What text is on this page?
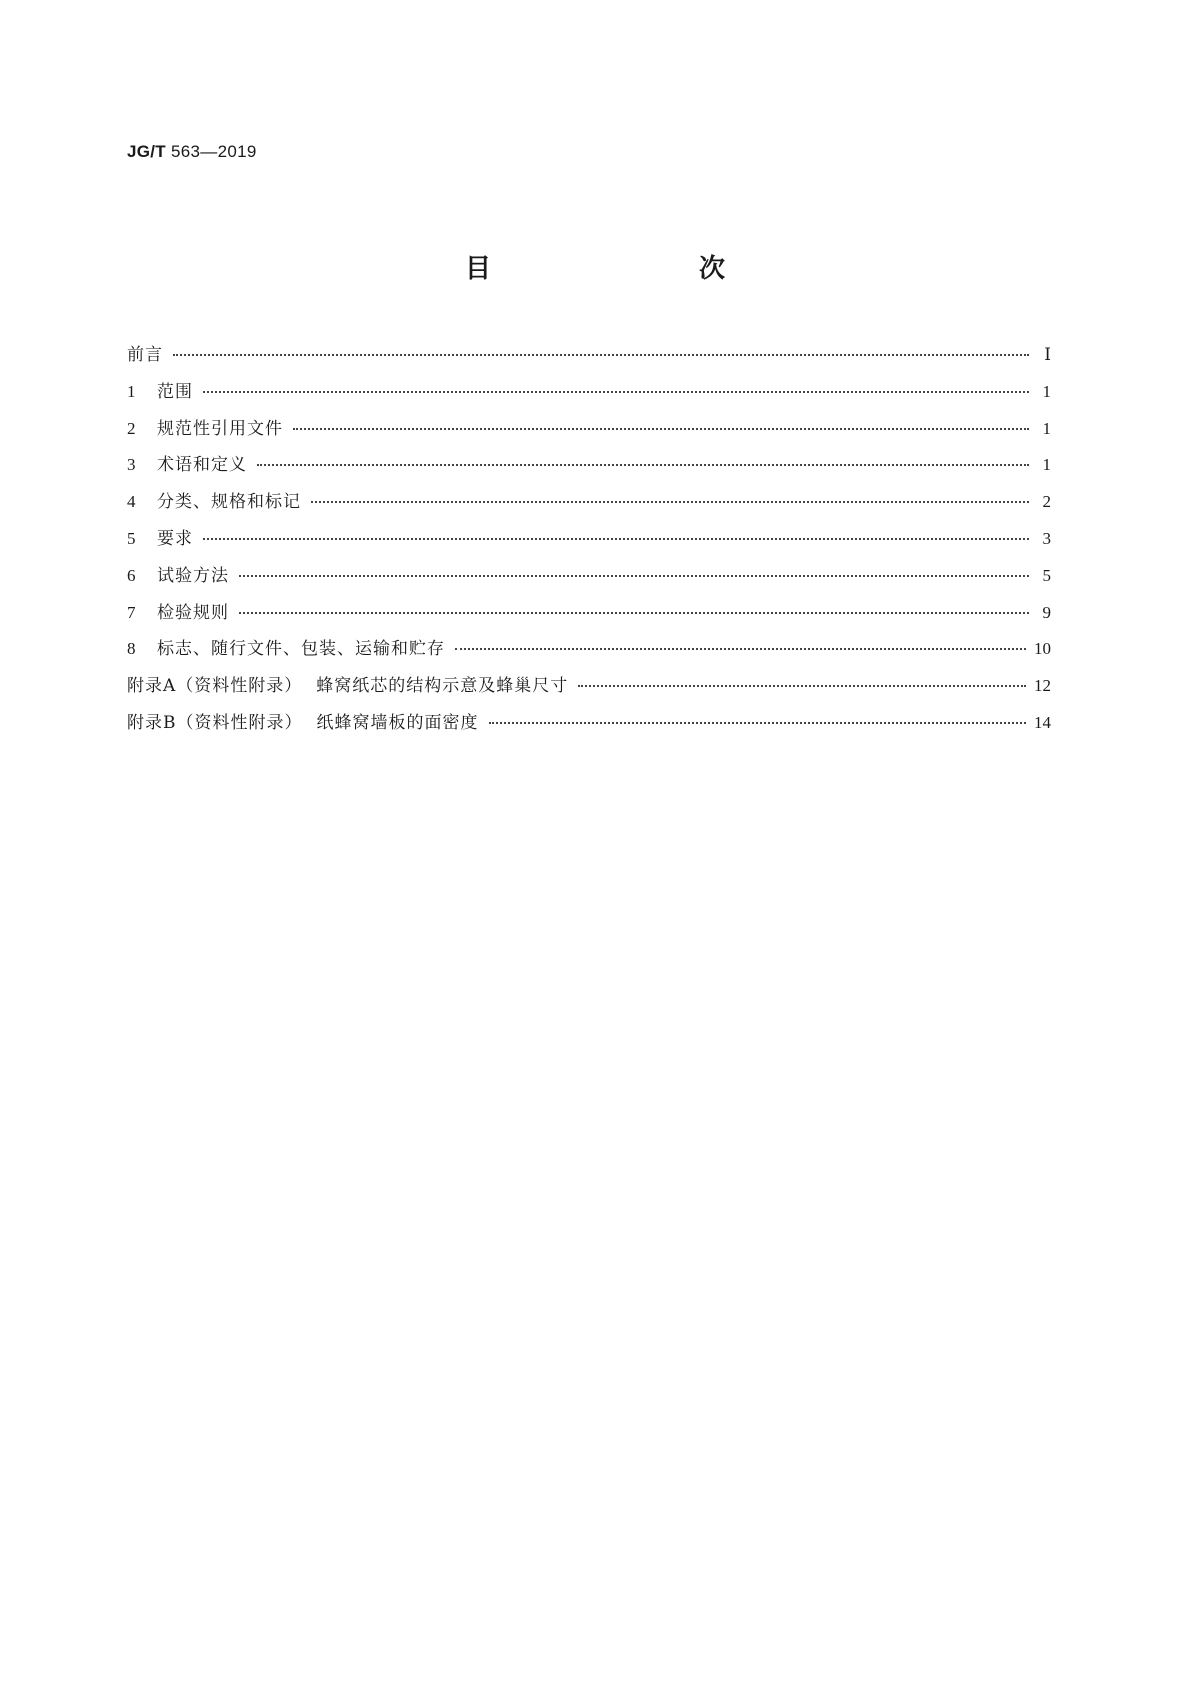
JG/T 563—2019
目　　次
前言	Ⅰ
1	范围	1
2	规范性引用文件	1
3	术语和定义	1
4	分类、规格和标记	2
5	要求	3
6	试验方法	5
7	检验规则	9
8	标志、随行文件、包装、运输和贮存	10
附录A（资料性附录） 蜂窝纸芯的结构示意及蜂巢尺寸	12
附录B（资料性附录） 纸蜂窝墙板的面密度	14
